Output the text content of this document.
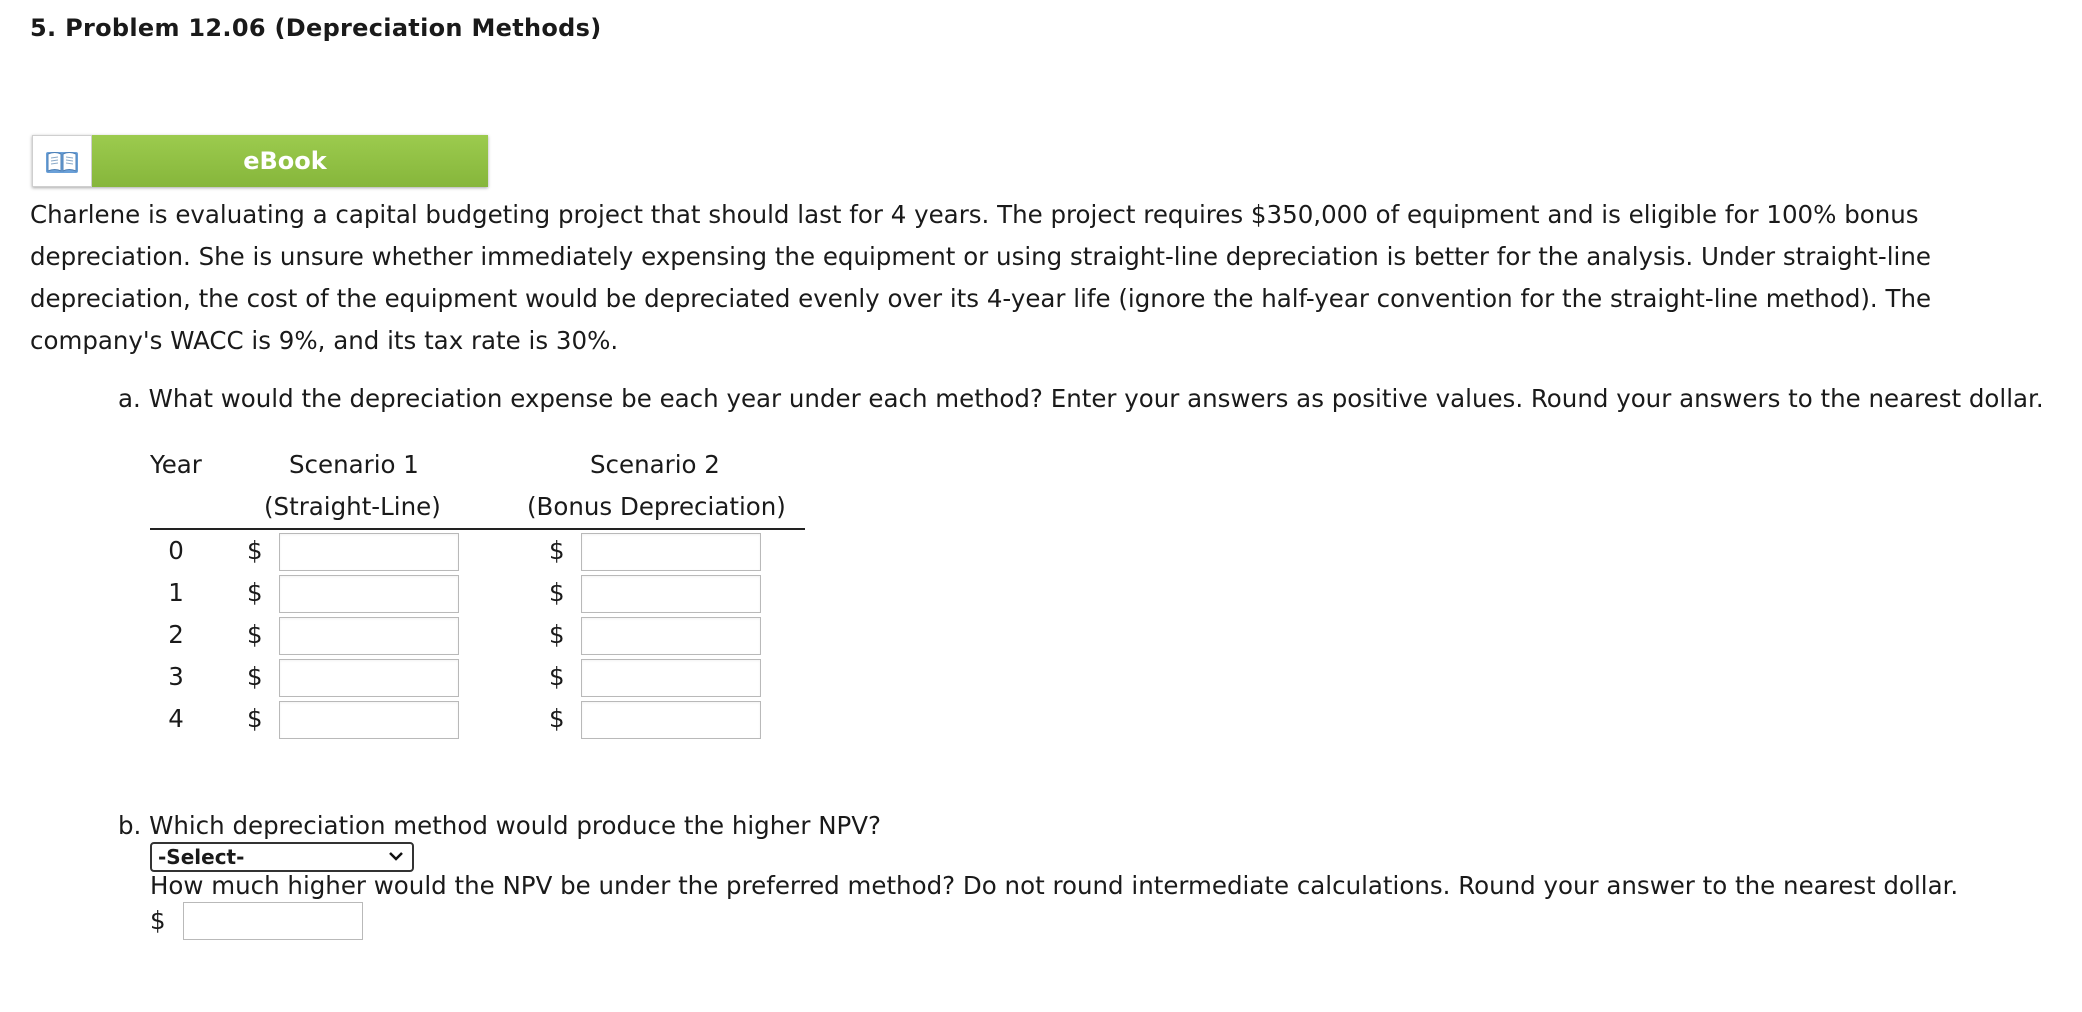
5. Problem 12.06 (Depreciation Methods)
eBook

Charlene is evaluating a capital budgeting project that should last for 4 years. The project requires $350,000 of equipment and is eligible for 100% bonus depreciation. She is unsure whether immediately expensing the equipment or using straight-line depreciation is better for the analysis. Under straight-line depreciation, the cost of the equipment would be depreciated evenly over its 4-year life (ignore the half-year convention for the straight-line method). The company's WACC is 9%, and its tax rate is 30%.

a. What would the depreciation expense be each year under each method? Enter your answers as positive values. Round your answers to the nearest dollar.

Year	Scenario 1	Scenario 2
(Straight-Line)	(Bonus Depreciation)
0	$	$
1	$	$
2	$	$
3	$	$
4	$	$

b. Which depreciation method would produce the higher NPV?

-Select-

How much higher would the NPV be under the preferred method? Do not round intermediate calculations. Round your answer to the nearest dollar.

$
